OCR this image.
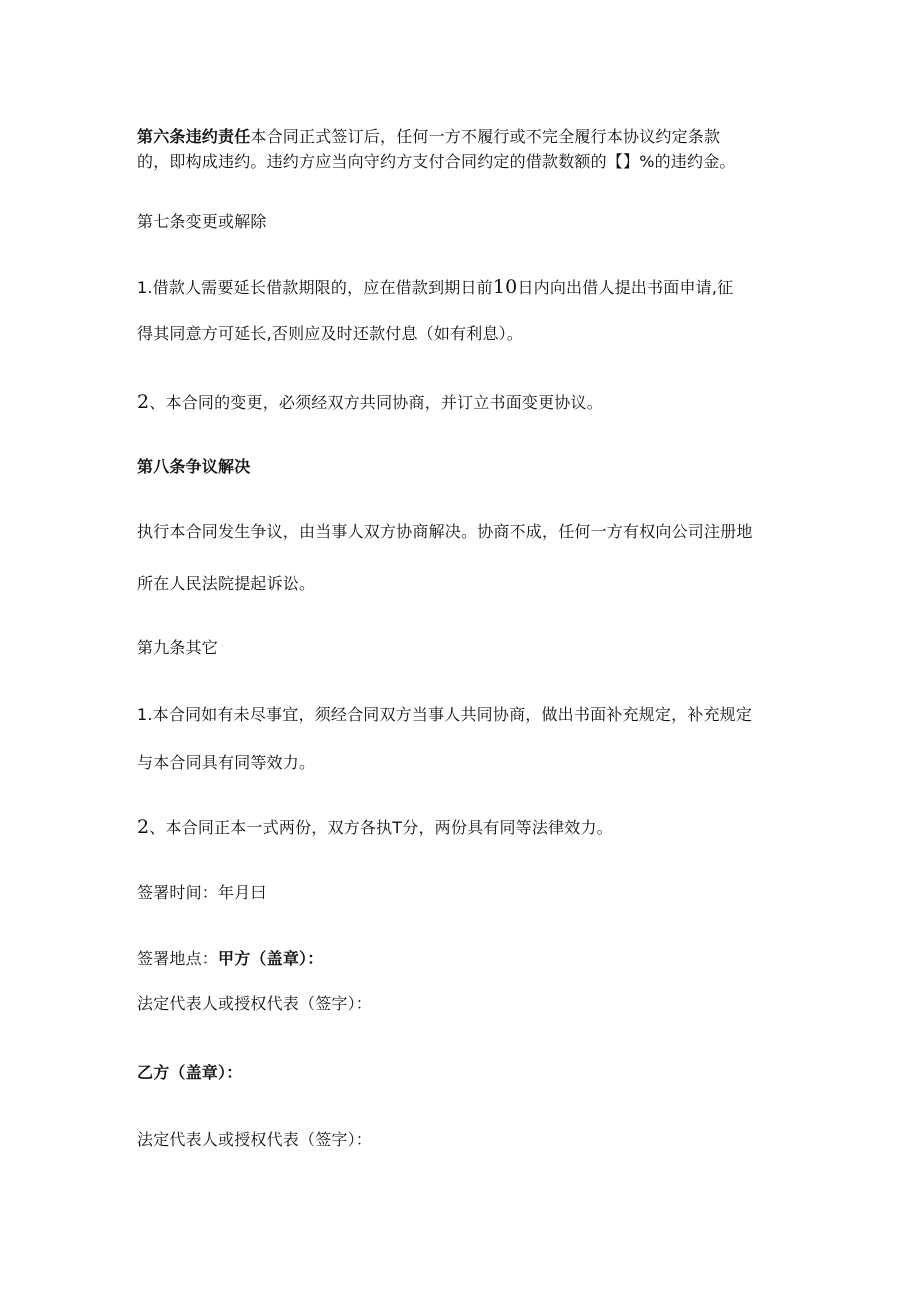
第六条违约责任本合同正式签订后，任何一方不履行或不完全履行本协议约定条款
的，即构成违约。违约方应当向守约方支付合同约定的借款数额的【】%的违约金。
第七条变更或解除
1.借款人需要延长借款期限的，应在借款到期日前10日内向出借人提出书面申请,征
得其同意方可延长,否则应及时还款付息（如有利息）。
2、本合同的变更，必须经双方共同协商，并订立书面变更协议。
第八条争议解决
执行本合同发生争议，由当事人双方协商解决。协商不成，任何一方有权向公司注册地
所在人民法院提起诉讼。
第九条其它
1.本合同如有未尽事宜，须经合同双方当事人共同协商，做出书面补充规定，补充规定
与本合同具有同等效力。
2、本合同正本一式两份，双方各执T分，两份具有同等法律效力。
签署时间：年月曰
签署地点：甲方（盖章）：
法定代表人或授权代表（签字）：
乙方（盖章）：
法定代表人或授权代表（签字）：
